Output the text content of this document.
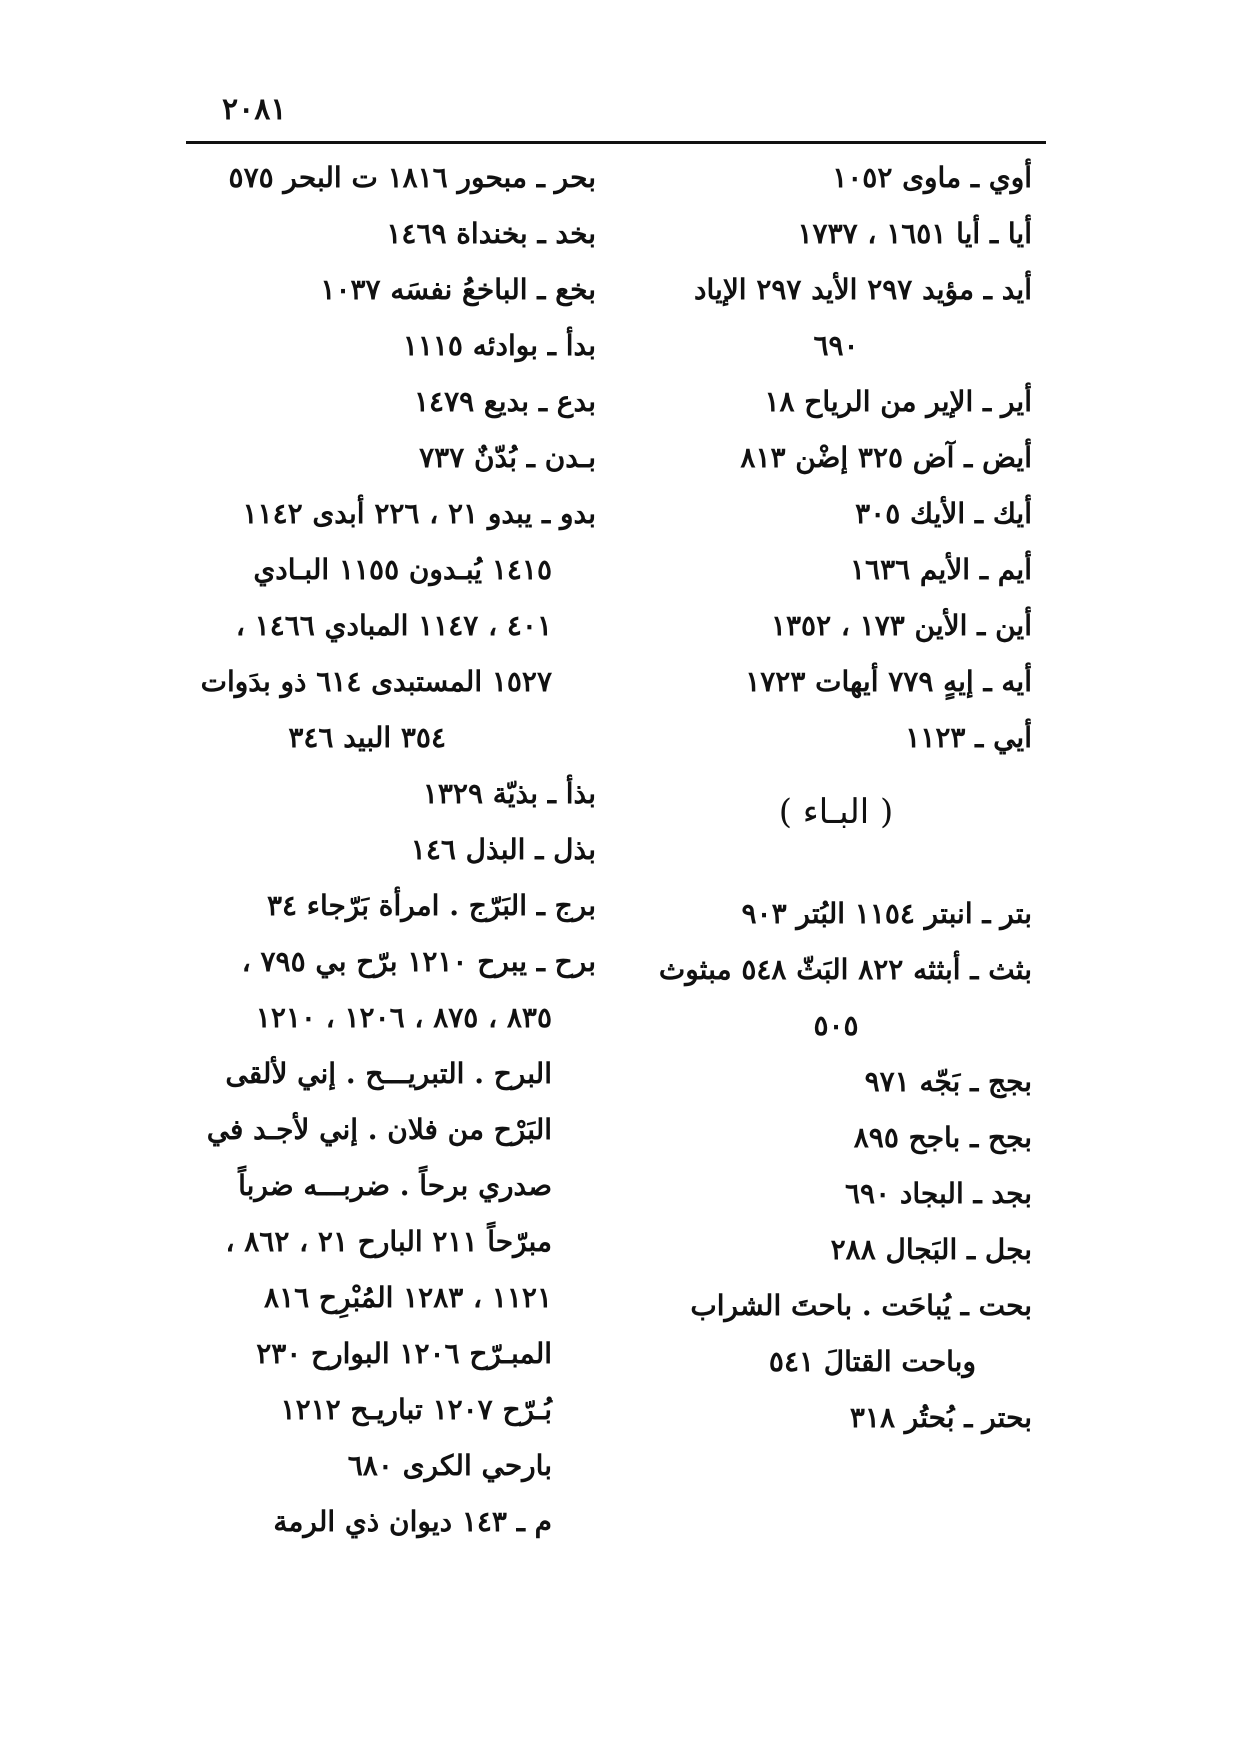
٢٠٨١
أوي ـ ماوى ١٠٥٢
أيا ـ أيا ١٦٥١ ، ١٧٣٧
أيد ـ مؤيد ٢٩٧ الأيد ٢٩٧ الإياد
٦٩٠
أير ـ الإير من الرياح ١٨
أيض ـ آض ٣٢٥ إضْن ٨١٣
أيك ـ الأيك ٣٠٥
أيم ـ الأيم ١٦٣٦
أين ـ الأين ١٧٣ ، ١٣٥٢
أيه ـ إيهٍ ٧٧٩ أيهات ١٧٢٣
أيي ـ ١١٢٣
( البـاء )
بتر ـ انبتر ١١٥٤ البُتر ٩٠٣
بثث ـ أبثثه ٨٢٢ البَثّ ٥٤٨ مبثوث
٥٠٥
بجج ـ بَجّه ٩٧١
بجح ـ باجح ٨٩٥
بجد ـ البجاد ٦٩٠
بجل ـ البَجال ٢٨٨
بحت ـ يُباحَت . باحتَ الشراب
وباحت القتالَ ٥٤١
بحتر ـ بُحتُر ٣١٨
بحر ـ مبحور ١٨١٦ ت البحر ٥٧٥
بخد ـ بخنداة ١٤٦٩
بخع ـ الباخعُ نفسَه ١٠٣٧
بدأ ـ بوادئه ١١١٥
بدع ـ بديع ١٤٧٩
بـدن ـ بُدّنٌ ٧٣٧
بدو ـ يبدو ٢١ ، ٢٢٦ أبدى ١١٤٢
١٤١٥ يُبـدون ١١٥٥ البـادي
٤٠١ ، ١١٤٧ المبادي ١٤٦٦ ،
١٥٢٧ المستبدى ٦١٤ ذو بدَوات
٣٥٤ البيد ٣٤٦
بذأ ـ بذيّة ١٣٢٩
بذل ـ البذل ١٤٦
برج ـ البَرّج . امرأة بَرّجاء ٣٤
برح ـ يبرح ١٢١٠ برّح بي ٧٩٥ ،
٨٣٥ ، ٨٧٥ ، ١٢٠٦ ، ١٢١٠
البرح . التبريـــح . إني لألقى
البَرْح من فلان . إني لأجـد في
صدري برحاً . ضربـــه ضرباً
مبرّحاً ٢١١ البارح ٢١ ، ٨٦٢ ،
١١٢١ ، ١٢٨٣ المُبْرِح ٨١٦
المبـرّح ١٢٠٦ البوارح ٢٣٠
بُـرّح ١٢٠٧ تباريـح ١٢١٢
بارحي الكرى ٦٨٠
م ـ ١٤٣ ديوان ذي الرمة
